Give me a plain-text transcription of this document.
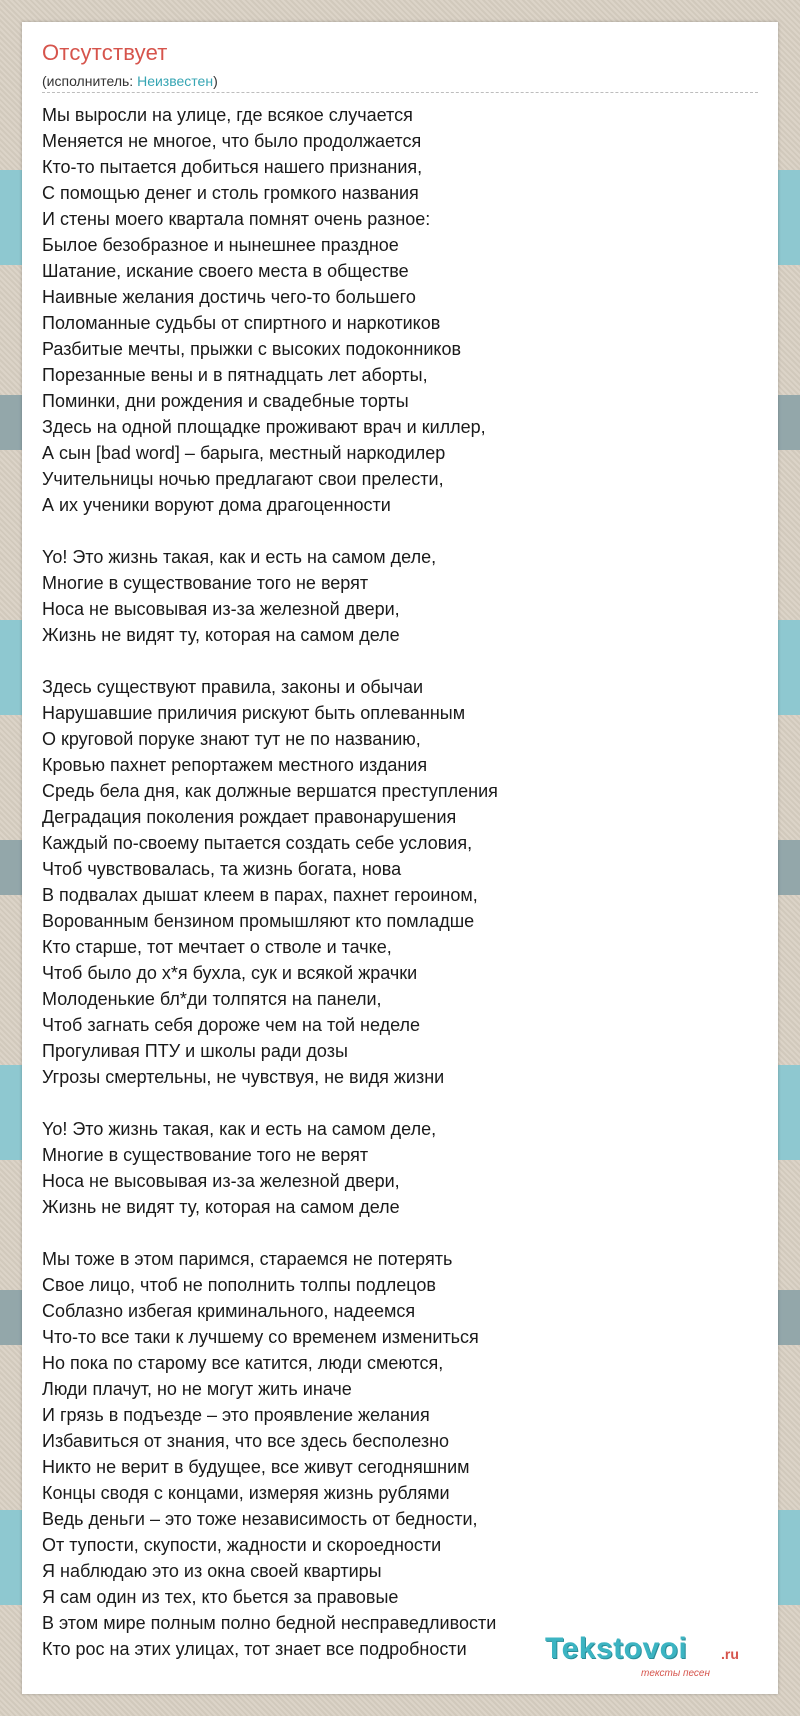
Отсутствует
(исполнитель: Неизвестен)
Мы выросли на улице, где всякое случается
Меняется не многое, что было продолжается
Кто-то пытается добиться нашего признания,
С помощью денег и столь громкого названия
И стены моего квартала помнят очень разное:
Былое безобразное и нынешнее праздное
Шатание, искание своего места в обществе
Наивные желания достичь чего-то большего
Поломанные судьбы от спиртного и наркотиков
Разбитые мечты, прыжки с высоких подоконников
Порезанные вены и в пятнадцать лет аборты,
Поминки, дни рождения и свадебные торты
Здесь на одной площадке проживают врач и киллер,
А сын [bad word] – барыга, местный наркодилер
Учительницы ночью предлагают свои прелести,
А их ученики воруют дома драгоценности
Yo! Это жизнь такая, как и есть на самом деле,
Многие в существование того не верят
Носа не высовывая из-за железной двери,
Жизнь не видят ту, которая на самом деле
Здесь существуют правила, законы и обычаи
Нарушавшие приличия рискуют быть оплеванным
О круговой поруке знают тут не по названию,
Кровью пахнет репортажем местного издания
Средь бела дня, как должные вершатся преступления
Деградация поколения рождает правонарушения
Каждый по-своему пытается создать себе условия,
Чтоб чувствовалась, та жизнь богата, нова
В подвалах дышат клеем в парах, пахнет героином,
Ворованным бензином промышляют кто помладше
Кто старше, тот мечтает о стволе и тачке,
Чтоб было до х*я бухла, сук и всякой жрачки
Молоденькие бл*ди толпятся на панели,
Чтоб загнать себя дороже чем на той неделе
Прогуливая ПТУ и школы ради дозы
Угрозы смертельны, не чувствуя, не видя жизни
Yo! Это жизнь такая, как и есть на самом деле,
Многие в существование того не верят
Носа не высовывая из-за железной двери,
Жизнь не видят ту, которая на самом деле
Мы тоже в этом паримся, стараемся не потерять
Свое лицо, чтоб не пополнить толпы подлецов
Соблазно избегая криминального, надеемся
Что-то все таки к лучшему со временем измениться
Но пока по старому все катится, люди смеются,
Люди плачут, но не могут жить иначе
И грязь в подъезде – это проявление желания
Избавиться от знания, что все здесь бесполезно
Никто не верит в будущее, все живут сегодняшним
Концы сводя с концами, измеряя жизнь рублями
Ведь деньги – это тоже независимость от бедности,
От тупости, скупости, жадности и скороедности
Я наблюдаю это из окна своей квартиры
Я сам один из тех, кто бьется за правовые
В этом мире полным полно бедной несправедливости
Кто рос на этих улицах, тот знает все подробности	Tekstovoi .ru
тексты песен
